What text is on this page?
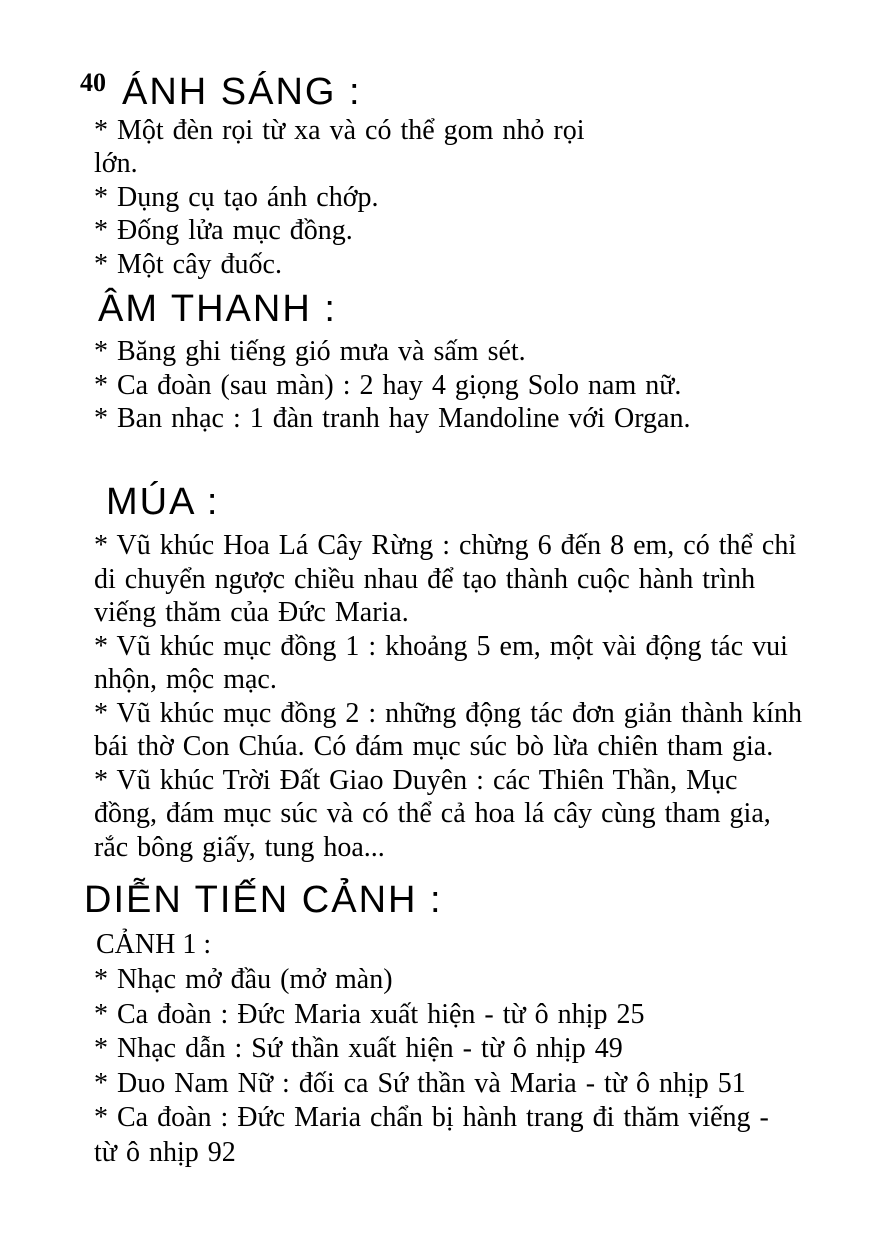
40 ÁNH SÁNG :
* Một đèn rọi từ xa và có thể gom nhỏ rọi
lớn.
* Dụng cụ tạo ánh chớp.
* Đống lửa mục đồng.
* Một cây đuốc.
ÂM THANH :
* Băng ghi tiếng gió mưa và sấm sét.
* Ca đoàn (sau màn) : 2 hay 4 giọng Solo nam nữ.
* Ban nhạc : 1 đàn tranh hay Mandoline với Organ.
MÚA :
* Vũ khúc Hoa Lá Cây Rừng : chừng 6 đến 8 em, có thể chỉ
di chuyển ngược chiều nhau để tạo thành cuộc hành trình
viếng thăm của Đức Maria.
* Vũ khúc mục đồng 1 : khoảng 5 em, một vài động tác vui
nhộn, mộc mạc.
* Vũ khúc mục đồng 2 : những động tác đơn giản thành kính
bái thờ Con Chúa. Có đám mục súc bò lừa chiên tham gia.
* Vũ khúc Trời Đất Giao Duyên : các Thiên Thần, Mục
đồng, đám mục súc và có thể cả hoa lá cây cùng tham gia,
rắc bông giấy, tung hoa...
DIỄN TIẾN CẢNH :
CẢNH 1 :
* Nhạc mở đầu (mở màn)
* Ca đoàn : Đức Maria xuất hiện - từ ô nhịp 25
* Nhạc dẫn : Sứ thần xuất hiện - từ ô nhịp 49
* Duo Nam Nữ : đối ca Sứ thần và Maria - từ ô nhịp 51
* Ca đoàn : Đức Maria chẩn bị hành trang đi thăm viếng -
từ ô nhịp 92
